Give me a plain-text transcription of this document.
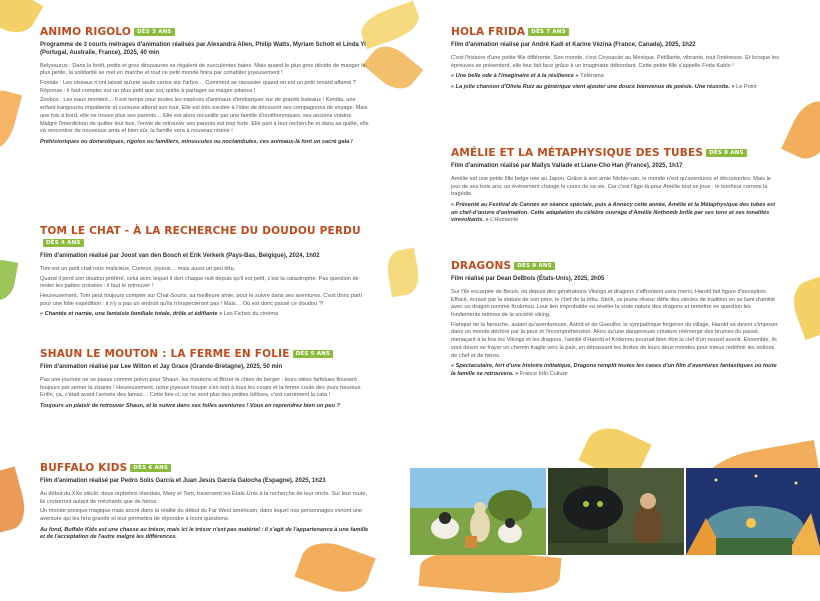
ANIMO RIGOLO DÈS 3 ANS
Programme de 3 courts métrages d'animation réalisés par Alexandra Allen, Philip Watts, Myriam Schott et Linda Yi (Portugal, Australie, France), 2025, 40 min

Belysaurus : Dans la forêt, petits et gros dinosaures se régalent de succulentes baies. Mais quand le plus gros décide de manger la plus petite, la solidarité se met en marche et tout ce petit monde finira par cohabiter joyeusement !

Foxtale : Les oiseaux n'ont laissé qu'une seule cerise sur l'arbre… Comment se rassasier quand on est un petit renard affamé ? Réponse : il faut compter sur un plus petit que soi, quitte à partager sa maigre pitance !

Zoobox : Les eaux montent… Il est temps pour toutes les espèces d'animaux d'embarquer sur de grands bateaux ! Kendia, une enfant kangourou impatiente et curieuse attend son tour. Elle est très excitée à l'idée de découvrir ses compagnons de voyage. Mais une fois à bord, elle ne trouve plus ses parents… Elle est alors recueillie par une famille d'ornithorynques, ses anciens voisins. Malgré l'interdiction de quitter leur box, l'envie de retrouver ses parents est trop forte. Elle part à leur recherche et dans sa quête, elle va rencontrer de nouveaux amis et bien sûr, la famille sera à nouveau réunie !

Préhistoriques ou domestiques, rigolos ou familiers, minuscules ou noctambules, ces animaux-là font un sacré gala !
TOM LE CHAT - À LA RECHERCHE DU DOUDOU PERDUDÈS 4 ANS
Film d'animation réalisé par Joost van den Bosch et Erik Verkerk (Pays-Bas, Belgique), 2024, 1h02

Tom est un petit chat roux malicieux. Curieux, joyeux… mais aussi un peu têtu.

Quand il perd son doudou préféré, celui avec lequel il dort chaque nuit depuis qu'il est petit, c'est la catastrophe. Pas question de rester les pattes croisées : il faut le retrouver !

Heureusement, Tom peut toujours compter sur Chat-Souris, sa meilleure amie, pour le suivre dans ses aventures. C'est donc parti pour une folle expédition : il n'y a pas un endroit qu'ils n'inspecteront pas ! Mais… Où est donc passé ce doudou ?!

« Chantée et narrée, une fantaisie familiale totale, drôle et édifiante » Les Fiches du cinéma
SHAUN LE MOUTON : LA FERME EN FOLIE DÈS 5 ANS
Film d'animation réalisé par Lee Wilton et Jay Grace (Grande-Bretagne), 2025, 50 min

Pas une journée ne se passe comme prévu pour Shaun, les moutons et Bitzer le chien de berger : leurs idées farfelues finissent toujours par semer la zizanie ! Heureusement, notre joyeuse troupe s'en sort à tous les coups et la ferme coule des jours heureux. Enfin, ça, c'était avant l'arrivée des lamas… Cette fois-ci, ce ne sont plus des petites bêtises, c'est carrément la cata !

Toujours un plaisir de retrouver Shaun, et le suivre dans ses folles aventures ! Vous en reprendrez bien un peu ?
BUFFALO KIDS DÈS 6 ANS
Film d'animation réalisé par Pedro Solís García et Juan Jesús García Galocha (Espagne), 2025, 1h23

Au début du XXe siècle, deux orphelins irlandais, Mary et Tom, traversent les États-Unis à la recherche de leur oncle. Sur leur route, ils croiseront autant de méchants que de héros.

Un monde presque magique mais ancré dans la réalité du début du Far West américain, dans lequel nos personnages vivront une aventure qui les fera grandir et leur permettra de répondre à leurs questions.

Au fond, Buffalo Kids est une chasse au trésor, mais ici le trésor n'est pas matériel : il s'agit de l'appartenance à une famille et de l'acceptation de l'autre malgré les différences.
HOLA FRIDA DÈS 7 ANS
Film d'animation réalisé par André Kadi et Karine Vézina (France, Canada), 2025, 1h22

C'est l'histoire d'une petite fille différente. Son monde, c'est Coyoacán au Mexique. Pétillante, vibrante, tout l'intéresse. Et lorsque les épreuves se présentent, elle leur fait face grâce à un imaginaire débordant. Cette petite fille s'appelle Frida Kahlo !

« Une belle ode à l'imaginaire et à la résilience » Télérama
« La jolie chanson d'Olivia Ruiz au générique vient ajouter une douce bienvenue de poésie. Une réussite. » Le Point
AMÉLIE ET LA MÉTAPHYSIQUE DES TUBES DÈS 8 ANS
Film d'animation réalisé par Maïlys Vallade et Liane-Cho Han (France), 2025, 1h17

Amélie est une petite fille belge née au Japon. Grâce à son amie Nishio-san, le monde n'est qu'aventures et découvertes. Mais le jour de ses trois ans, un événement change le cours de sa vie. Car c'est l'âge-là pour Amélie tout se joue : le bonheur comme la tragédie.

« Présenté au Festival de Cannes en séance spéciale, puis à Annecy cette année, Amélie et la Métaphysique des tubes est un chef-d'œuvre d'animation. Cette adaptation du célèbre ouvrage d'Amélie Nothomb brille par ses tons et ses tonalités virevoltants. » L'Humanité
DRAGONS DÈS 9 ANS
Film réalisé par Dean DeBlois (États-Unis), 2025, 2h05

Sur l'île escarpée de Beurk, où depuis des générations Vikings et dragons s'affrontent sans merci, Harold fait figure d'exception. Effacé, écrasé par la stature de son père, le chef de la tribu, Stoïk, ce jeune rêveur défie des siècles de tradition en se liant d'amitié avec un dragon nommé Krokmou. Leur lien improbable va révéler la vraie nature des dragons et remettre en question les fondements mêmes de la société viking.

Flanqué de la farouche, autant qu'aventureuse, Astrid et de Gueulfor, le sympathique forgeron du village, Harold va devoir s'imposer dans un monde déchiré par la peur et l'incompréhension. Alors qu'une dangereuse créature réémerge des brumes du passé, menaçant à la fois les Vikings et les dragons, l'amitié d'Harold et Krokmou pourrait bien être la clef d'un nouvel avenir. Ensemble, ils vont devoir se frayer un chemin fragile vers la paix, en dépassant les limites de leurs deux mondes pour mieux redéfinir les notions de chef et de héros.

« Spectaculaire, fort d'une histoire initiatique, Dragons remplit toutes les cases d'un film d'aventures fantastiques où toute la famille se retrouvera. » France Info Culture
